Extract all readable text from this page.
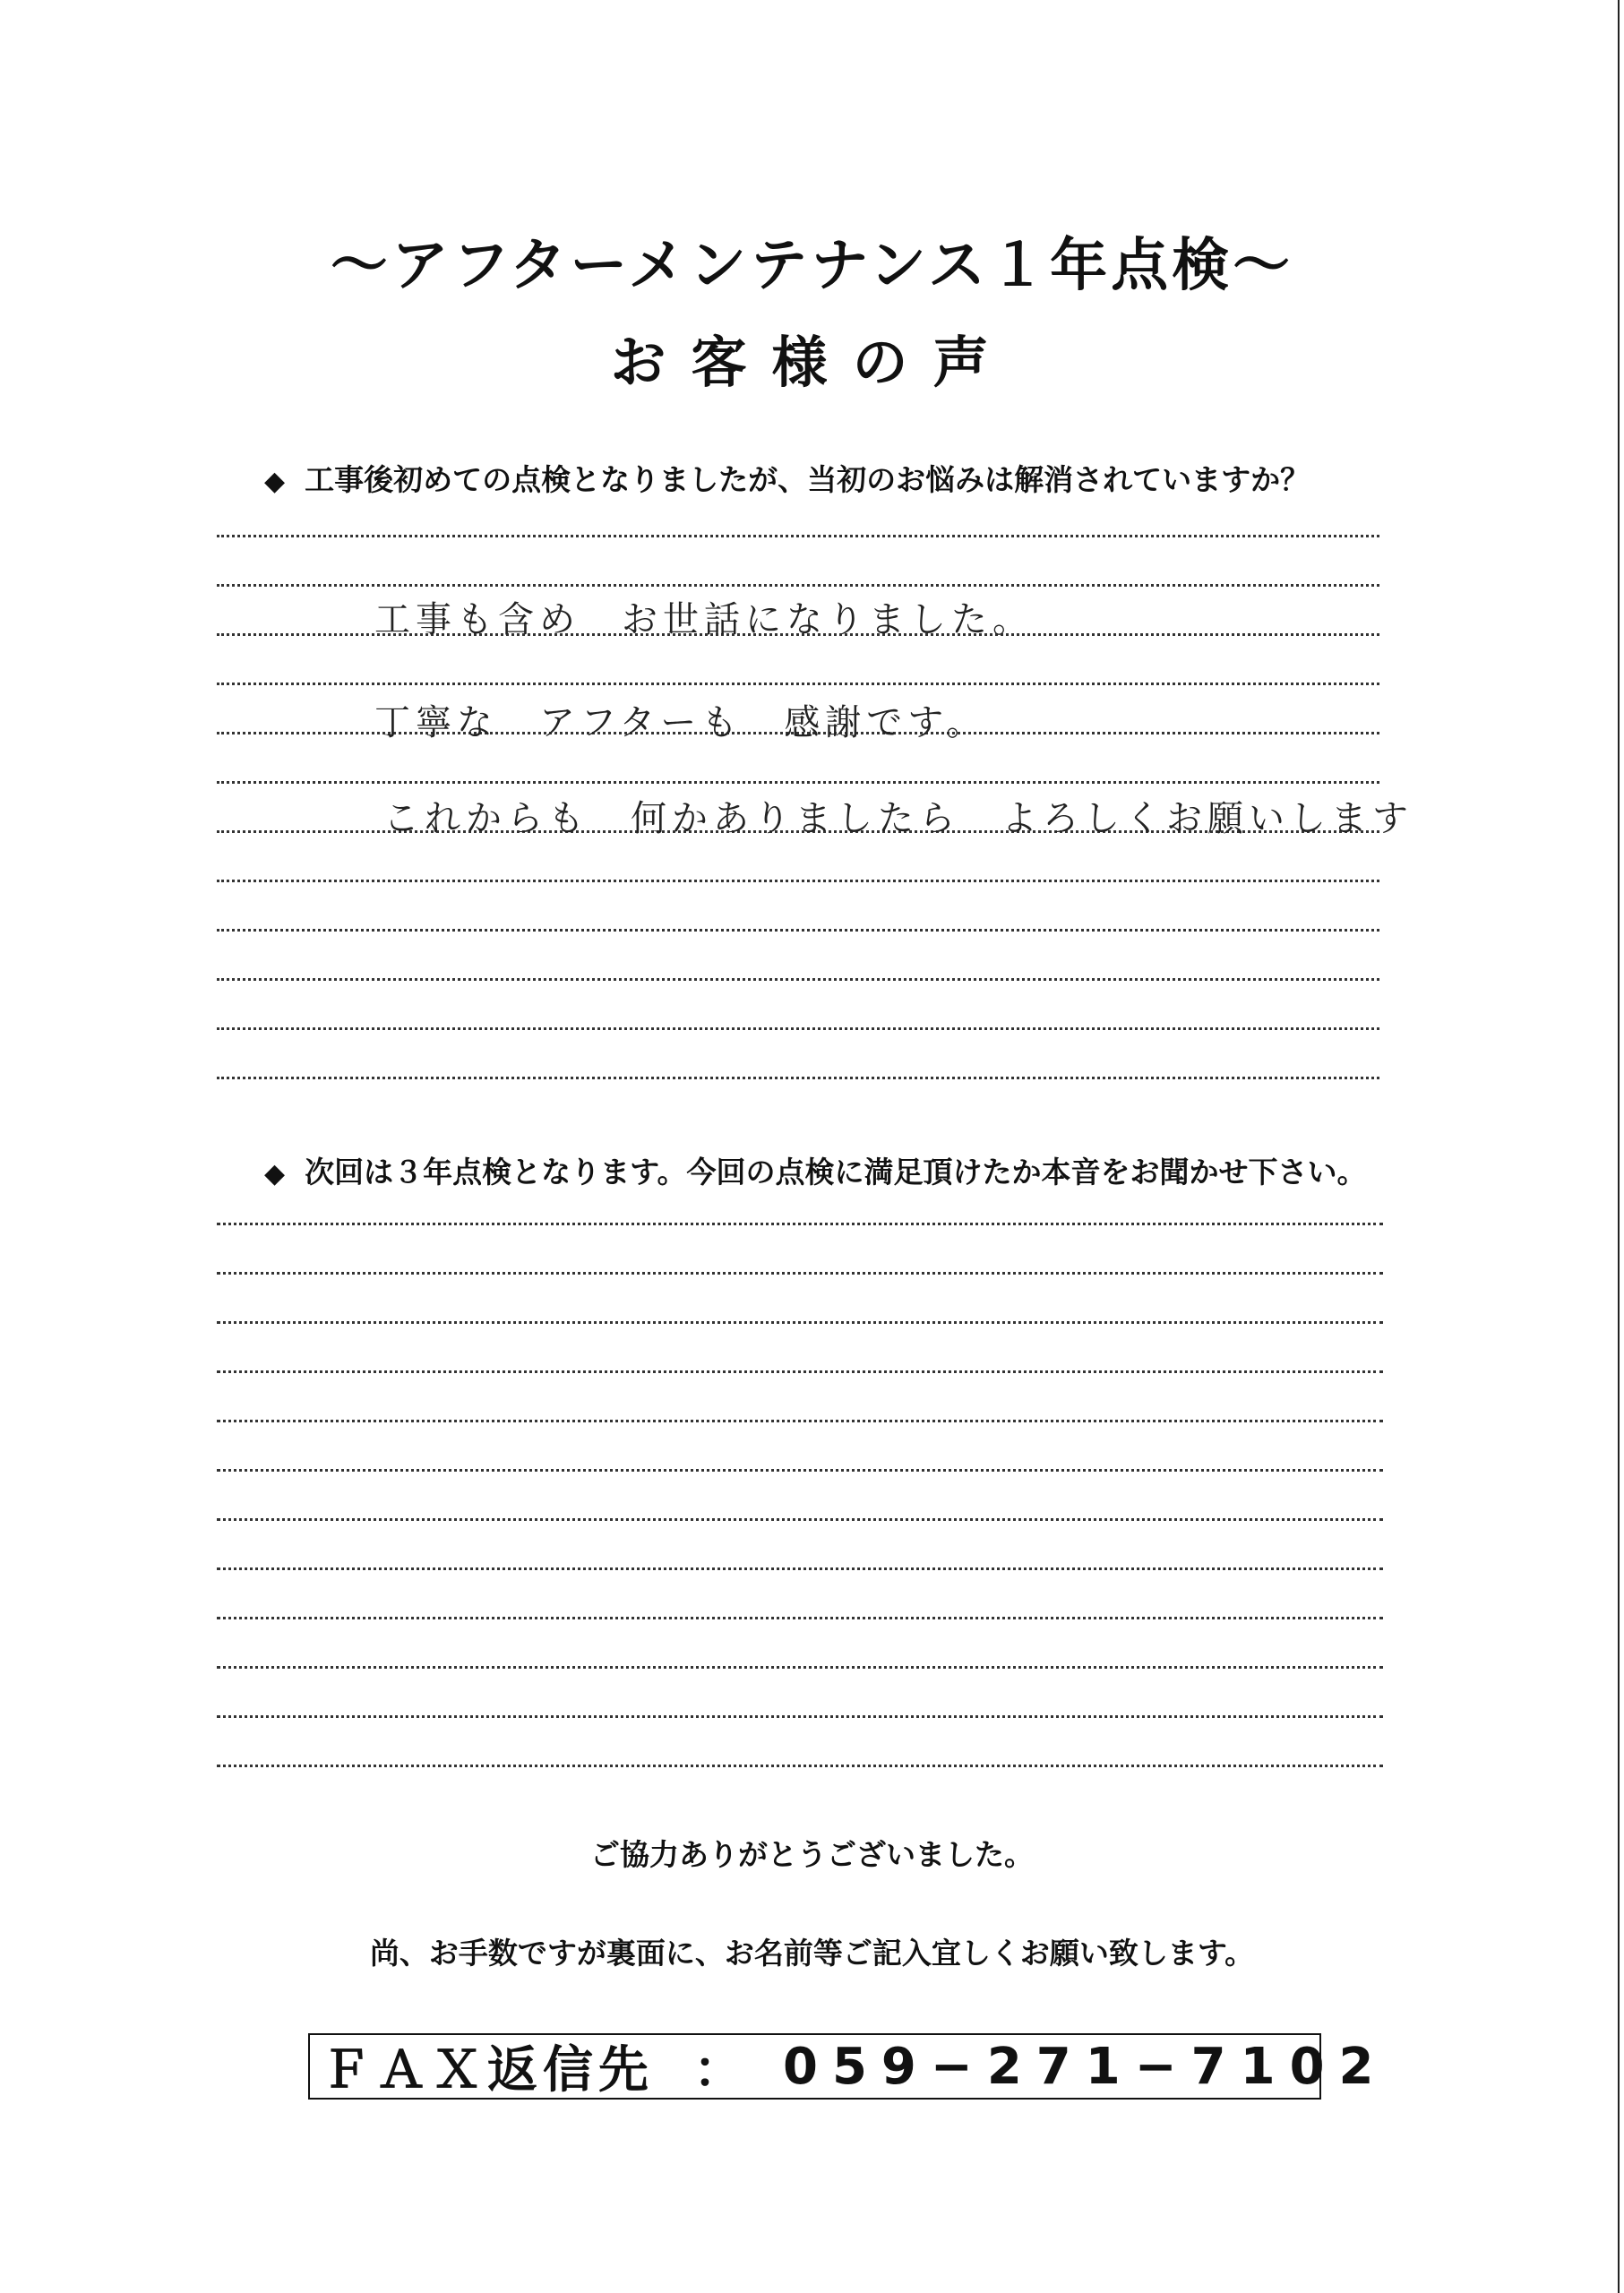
〜アフターメンテナンス１年点検〜
お客様の声
◆ 工事後初めての点検となりましたが、当初のお悩みは解消されていますか？
工事も含め　お世話になりました。
丁寧な　アフターも　感謝です。
これからも　何かありましたら　よろしくお願いします
◆ 次回は３年点検となります。今回の点検に満足頂けたか本音をお聞かせ下さい。
ご協力ありがとうございました。
尚、お手数ですが裏面に、お名前等ご記入宜しくお願い致します。
ＦＡＸ返信先 ： 059−271−7102
